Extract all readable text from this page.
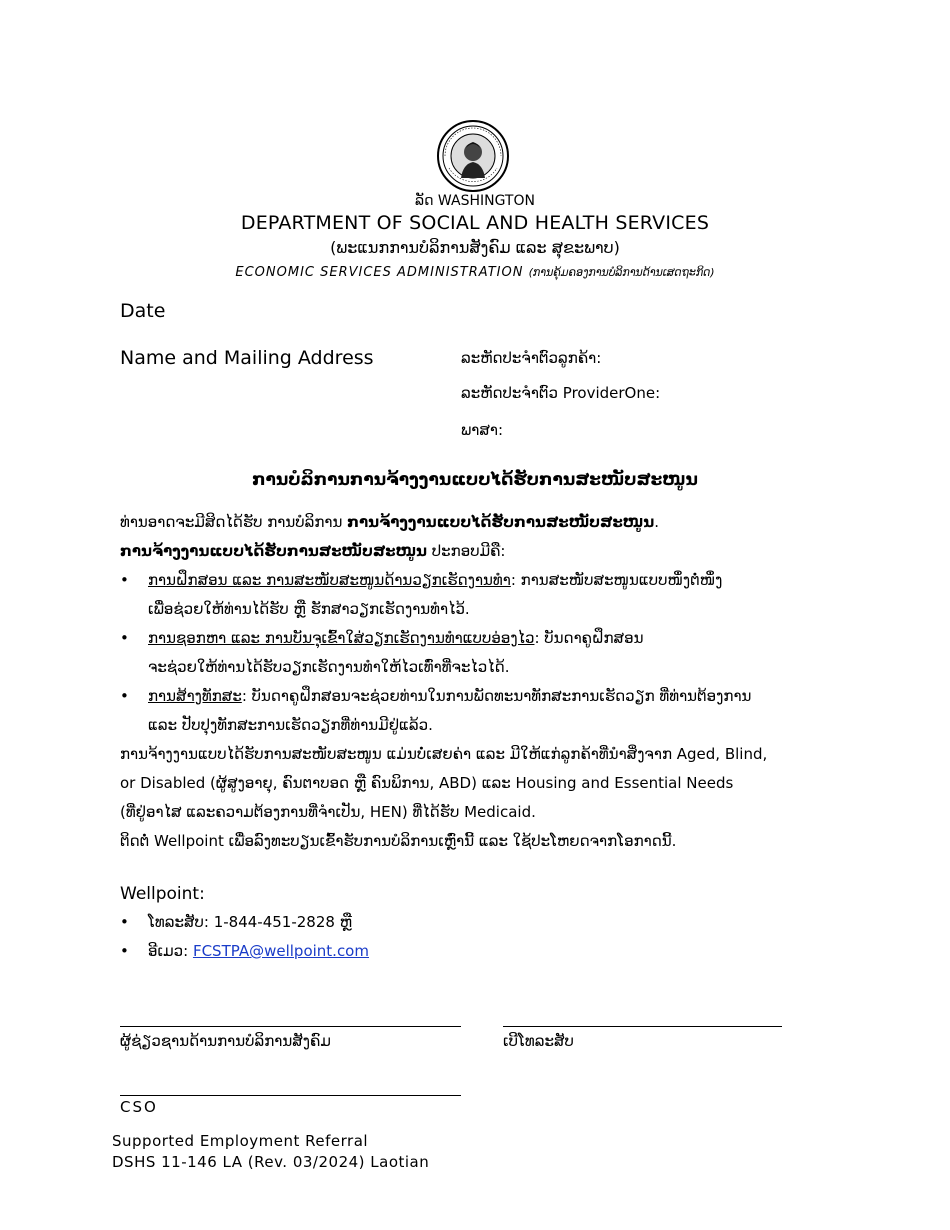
ລັດ WASHINGTON
DEPARTMENT OF SOCIAL AND HEALTH SERVICES
(ພະແນກການບໍລິການສັງຄົມ ແລະ ສຸຂະພາບ)
ECONOMIC SERVICES ADMINISTRATION (ການຄຸ້ມຄອງການບໍລິການດ້ານເສດຖະກິດ)
Date
Name and Mailing Address	ລະຫັດປະຈຳຕົວລູກຄ້າ:
ລະຫັດປະຈຳຕົວ ProviderOne:
ພາສາ:
ການບໍລິການການຈ້າງງານແບບໄດ້ຮັບການສະໜັບສະໜູນ

ທ່ານອາດຈະມີສິດໄດ້ຮັບ ການບໍລິການ ການຈ້າງງານແບບໄດ້ຮັບການສະໜັບສະໜູນ.

ການຈ້າງງານແບບໄດ້ຮັບການສະໜັບສະໜູນ ປະກອບມີຄື:

• ການຝຶກສອນ ແລະ ການສະໜັບສະໜູນດ້ານວຽກເຮັດງານທຳ: ການສະໜັບສະໜູນແບບໜຶ່ງຕໍ່ໜຶ່ງ
ເພື່ອຊ່ວຍໃຫ້ທ່ານໄດ້ຮັບ ຫຼື ຮັກສາວຽກເຮັດງານທຳໄວ້.
• ການຊອກຫາ ແລະ ການບັນຈຸເຂົ້າໃສ່ວຽກເຮັດງານທຳແບບອ່ອງໄວ: ບັນດາຄູຝຶກສອນ
ຈະຊ່ວຍໃຫ້ທ່ານໄດ້ຮັບວຽກເຮັດງານທຳໃຫ້ໄວເທົ່າທີ່ຈະໄວໄດ້.
• ການສ້າງທັກສະ: ບັນດາຄູຝຶກສອນຈະຊ່ວຍທ່ານໃນການພັດທະນາທັກສະການເຮັດວຽກ ທີ່ທ່ານຕ້ອງການ
ແລະ ປັບປຸງທັກສະການເຮັດວຽກທີ່ທ່ານມີຢູ່ແລ້ວ.

ການຈ້າງງານແບບໄດ້ຮັບການສະໜັບສະໜູນ ແມ່ນບໍ່ເສຍຄ່າ ແລະ ມີໃຫ້ແກ່ລູກຄ້າທີ່ນຳສິ່ງຈາກ Aged, Blind,
or Disabled (ຜູ້ສູງອາຍຸ, ຄົນຕາບອດ ຫຼື ຄົນພິການ, ABD) ແລະ Housing and Essential Needs
(ທີ່ຢູ່ອາໄສ ແລະຄວາມຕ້ອງການທີ່ຈຳເປັນ, HEN) ທີ່ໄດ້ຮັບ Medicaid.

ຕິດຕໍ່ Wellpoint ເພື່ອລົງທະບຽນເຂົ້າຮັບການບໍລິການເຫຼົ່ານີ້ ແລະ ໃຊ້ປະໂຫຍດຈາກໂອກາດນີ້.

Wellpoint:
• ໂທລະສັບ: 1-844-451-2828 ຫຼື
• ອີເມວ: FCSTPA@wellpoint.com
ຜູ້ຊ່ຽວຊານດ້ານການບໍລິການສັງຄົມ	ເບີໂທລະສັບ
CSO
Supported Employment Referral
DSHS 11-146 LA (Rev. 03/2024) Laotian
